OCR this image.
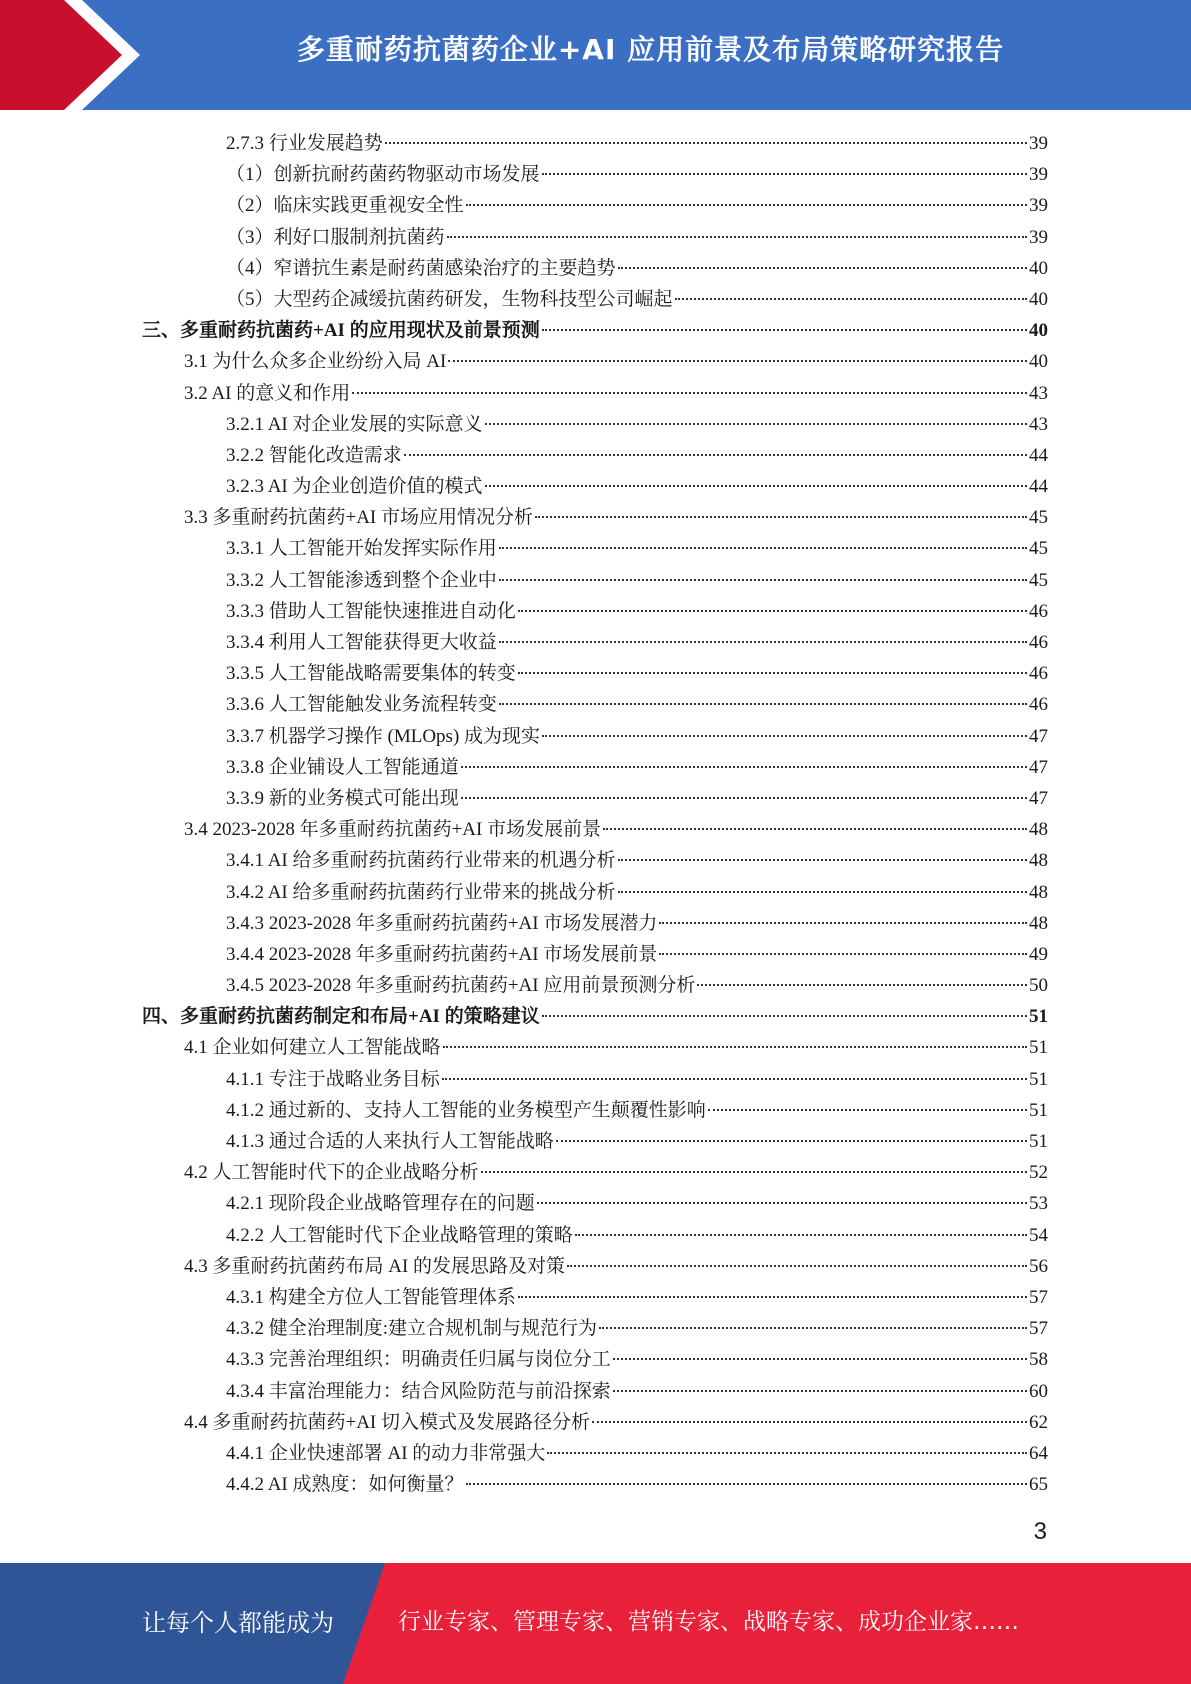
多重耐药抗菌药企业+AI 应用前景及布局策略研究报告
2.7.3 行业发展趋势	39
（1）创新抗耐药菌药物驱动市场发展	39
（2）临床实践更重视安全性	39
（3）利好口服制剂抗菌药	39
（4）窄谱抗生素是耐药菌感染治疗的主要趋势	40
（5）大型药企减缓抗菌药研发，生物科技型公司崛起	40
三、多重耐药抗菌药+AI 的应用现状及前景预测	40
3.1 为什么众多企业纷纷入局 AI	40
3.2 AI 的意义和作用	43
3.2.1 AI 对企业发展的实际意义	43
3.2.2 智能化改造需求	44
3.2.3 AI 为企业创造价值的模式	44
3.3 多重耐药抗菌药+AI 市场应用情况分析	45
3.3.1 人工智能开始发挥实际作用	45
3.3.2 人工智能渗透到整个企业中	45
3.3.3 借助人工智能快速推进自动化	46
3.3.4 利用人工智能获得更大收益	46
3.3.5 人工智能战略需要集体的转变	46
3.3.6 人工智能触发业务流程转变	46
3.3.7 机器学习操作 (MLOps) 成为现实	47
3.3.8 企业铺设人工智能通道	47
3.3.9 新的业务模式可能出现	47
3.4 2023-2028 年多重耐药抗菌药+AI 市场发展前景	48
3.4.1 AI 给多重耐药抗菌药行业带来的机遇分析	48
3.4.2 AI 给多重耐药抗菌药行业带来的挑战分析	48
3.4.3 2023-2028 年多重耐药抗菌药+AI 市场发展潜力	48
3.4.4 2023-2028 年多重耐药抗菌药+AI 市场发展前景	49
3.4.5 2023-2028 年多重耐药抗菌药+AI 应用前景预测分析	50
四、多重耐药抗菌药制定和布局+AI 的策略建议	51
4.1 企业如何建立人工智能战略	51
4.1.1 专注于战略业务目标	51
4.1.2 通过新的、支持人工智能的业务模型产生颠覆性影响	51
4.1.3 通过合适的人来执行人工智能战略	51
4.2 人工智能时代下的企业战略分析	52
4.2.1 现阶段企业战略管理存在的问题	53
4.2.2 人工智能时代下企业战略管理的策略	54
4.3 多重耐药抗菌药布局 AI 的发展思路及对策	56
4.3.1 构建全方位人工智能管理体系	57
4.3.2 健全治理制度:建立合规机制与规范行为	57
4.3.3 完善治理组织：明确责任归属与岗位分工	58
4.3.4 丰富治理能力：结合风险防范与前沿探索	60
4.4 多重耐药抗菌药+AI 切入模式及发展路径分析	62
4.4.1 企业快速部署 AI 的动力非常强大	64
4.4.2 AI 成熟度：如何衡量？	65
3
让每个人都能成为	行业专家、管理专家、营销专家、战略专家、成功企业家……
